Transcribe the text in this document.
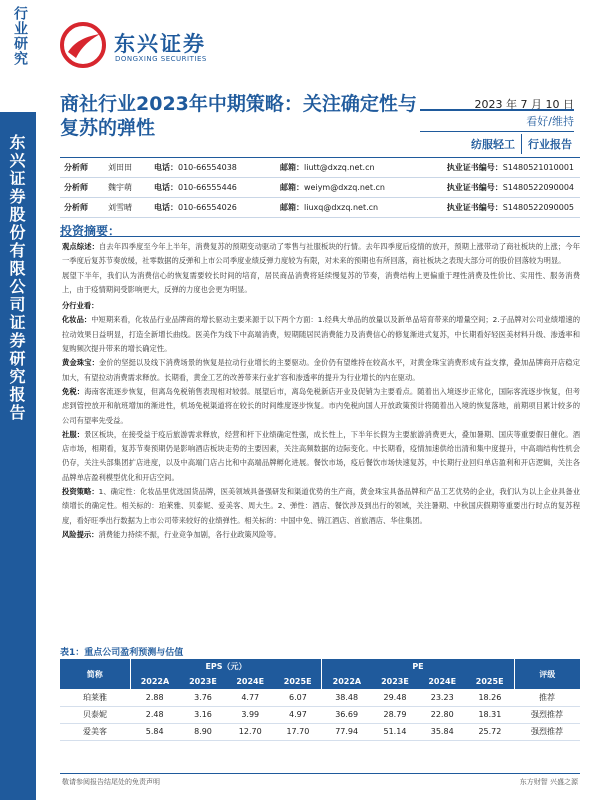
行业研究
东兴证券股份有限公司证券研究报告
东兴证券
DONGXING SECURITIES
商社行业2023年中期策略：关注确定性与复苏的弹性
2023 年 7 月 10 日
看好/维持
纺服轻工	行业报告
分析师	刘田田	电话：010-66554038	邮箱：liutt@dxzq.net.cn	执业证书编号：S1480521010001
分析师	魏宇萌	电话：010-66555446	邮箱：weiym@dxzq.net.cn	执业证书编号：S1480522090004
分析师	刘雪晴	电话：010-66554026	邮箱：liuxq@dxzq.net.cn	执业证书编号：S1480522090005
投资摘要：

观点综述：自去年四季度至今年上半年，消费复苏的预期变动驱动了零售与社服板块的行情。去年四季度后疫情的放开，预期上涨带动了商社板块的上涨；今年一季度后复苏节奏放缓，社零数据的反弹和上市公司季度业绩反弹力度较为有限，对未来的预期也有所回落，商社板块之表现大部分可的股价回落较为明显。

展望下半年，我们认为消费信心的恢复需要较长时间的培育，居民商品消费将延续慢复苏的节奏，消费结构上更偏重于理性消费及性价比、实用性、服务消费上，由于疫情期间受影响更大，反弹的力度也会更为明显。

分行业看：

化妆品：中短期来看，化妆品行业品牌商的增长驱动主要来源于以下两个方面：1.经典大单品的放量以及新单品培育带来的增量空间；2.子品牌对公司业绩增速的拉动效果日益明显，打造全新增长曲线。医美作为线下中高端消费，短期随居民消费能力及消费信心的修复渐进式复苏，中长期看好轻医美材料升级、渗透率和复购频次提升带来的增长确定性。

黄金珠宝：金价的坚挺以及线下消费场景的恢复是拉动行业增长的主要驱动。金价仍有望维持在较高水平，对黄金珠宝消费形成有益支撑，叠加品牌商开店稳定加大，有望拉动消费需求释放。长期看，黄金工艺的改善带来行业扩容和渗透率的提升为行业增长的内在驱动。

免税：海南客流逐步恢复，但离岛免税销售表现相对较弱。展望后市，离岛免税新店开业及促销为主要看点。随着出入境逐步正常化，国际客流逐步恢复，但考虑到管控放开和航班增加的渐进性，机场免税渠道将在较长的时间维度逐步恢复。市内免税向国人开放政策预计将随着出入境的恢复落地，前期项目累计较多的公司有望率先受益。

社服：景区板块，在接受益于疫后旅游需求释放，经营和杆下业绩确定性强，成长性上，下半年长假为主要旅游消费更大，叠加暑期、国庆等重要假日催化。酒店市场，相期看，复苏节奏预期仍是影响酒店板块走势的主要因素，关注高频数据的边际变化。中长期看，疫情加速供给出清和集中度提升，中高端结构性机会仍存，关注头部集团扩店进度，以及中高端门店占比和中高端品牌孵化进展。餐饮市场，疫后餐饮市场快速复苏，中长期行业回归单店盈利和开店逻辑，关注各品牌单店盈利模型优化和开店空间。

投资策略：1、确定性：化妆品里优选国货品牌，医美领域具备强研发和渠道优势的生产商，黄金珠宝具备品牌和产品工艺优势的企业，我们认为以上企业具备业绩增长的确定性。相关标的：珀莱雅、贝泰妮、爱美客、周大生。2、弹性：酒店、餐饮涉及到出行的领域，关注暑期、中秋国庆假期等重要出行时点的复苏程度，看好旺季出行数据为上市公司带来较好的业绩弹性。相关标的：中国中免、锦江酒店、首旅酒店、华住集团。

风险提示：消费能力持续不振，行业竞争加剧，各行业政策风险等。

表1：重点公司盈利预测与估值
简称	EPS（元）				PE				评级
	2022A	2023E	2024E	2025E	2022A	2023E	2024E	2025E	
珀莱雅	2.88	3.76	4.77	6.07	38.48	29.48	23.23	18.26	推荐
贝泰妮	2.48	3.16	3.99	4.97	36.69	28.79	22.80	18.31	强烈推荐
爱美客	5.84	8.90	12.70	17.70	77.94	51.14	35.84	25.72	强烈推荐
敬请参阅报告结尾处的免责声明	东方财智 兴盛之源
